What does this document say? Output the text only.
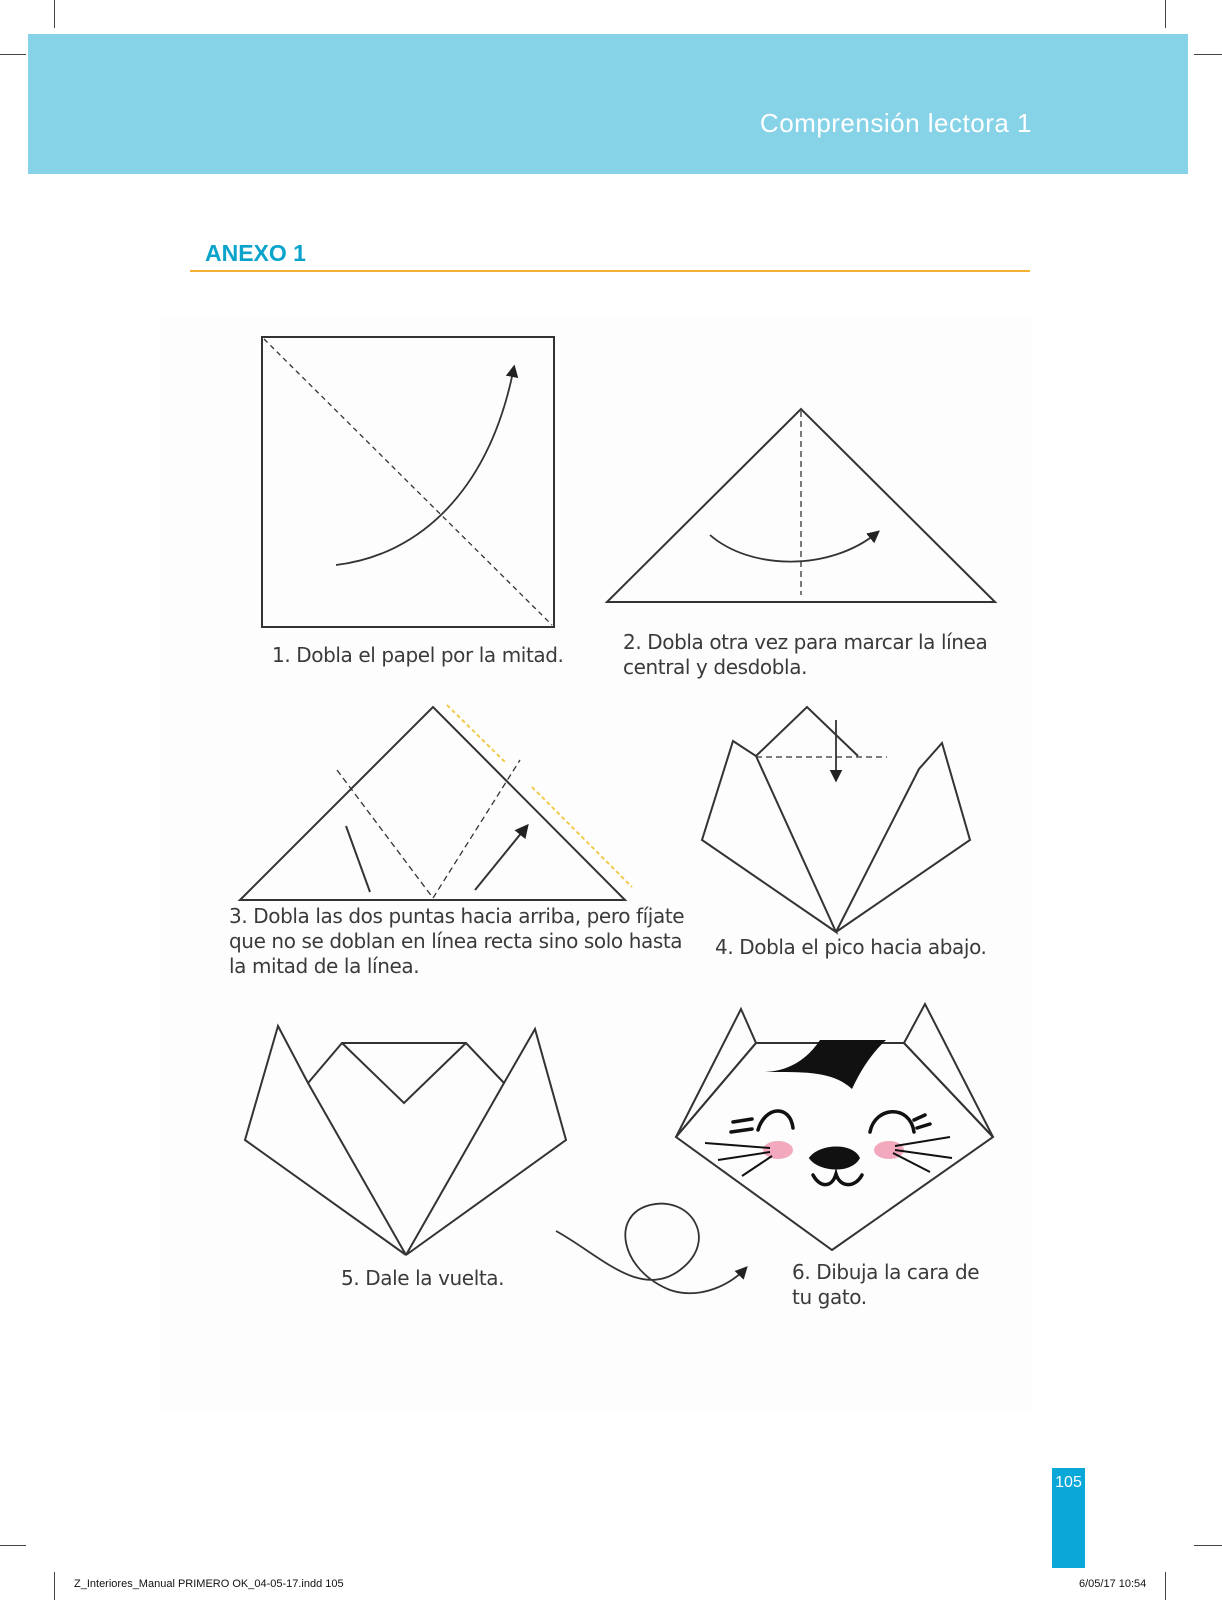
Comprensión lectora 1
ANEXO 1
1. Dobla el papel por la mitad.
2. Dobla otra vez para marcar la línea
central y desdobla.
3. Dobla las dos puntas hacia arriba, pero fíjate
que no se doblan en línea recta sino solo hasta
la mitad de la línea.
4. Dobla el pico hacia abajo.
5. Dale la vuelta.	6. Dibuja la cara de
tu gato.
105
Z_Interiores_Manual PRIMERO OK_04-05-17.indd 105	6/05/17 10:54
